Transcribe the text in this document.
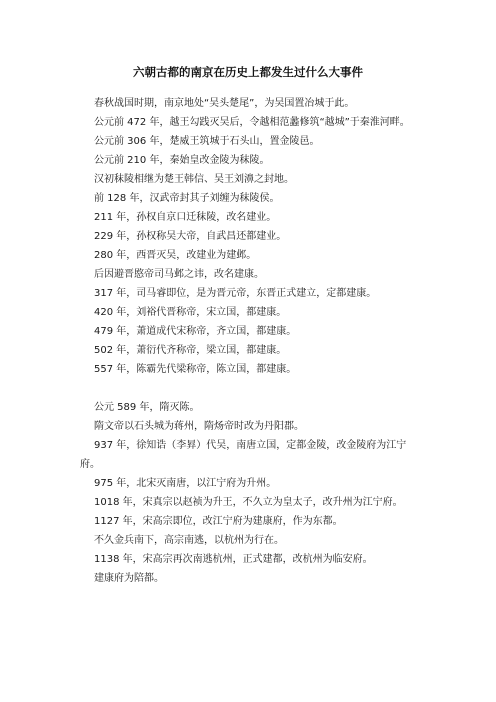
六朝古都的南京在历史上都发生过什么大事件

春秋战国时期，南京地处“吴头楚尾”，为吴国置冶城于此。

公元前 472 年，越王勾践灭吴后，令越相范蠡修筑“越城”于秦淮河畔。

公元前 306 年，楚威王筑城于石头山，置金陵邑。

公元前 210 年，秦始皇改金陵为秣陵。

汉初秣陵相继为楚王韩信、吴王刘濞之封地。

前 128 年，汉武帝封其子刘缠为秣陵侯。

211 年，孙权自京口迁秣陵，改名建业。

229 年，孙权称吴大帝，自武昌还都建业。

280 年，西晋灭吴，改建业为建邺。

后因避晋愍帝司马邺之讳，改名建康。

317 年，司马睿即位，是为晋元帝，东晋正式建立，定都建康。

420 年，刘裕代晋称帝，宋立国，都建康。

479 年，萧道成代宋称帝，齐立国，都建康。

502 年，萧衍代齐称帝，梁立国，都建康。

557 年，陈霸先代梁称帝，陈立国，都建康。

公元 589 年，隋灭陈。

隋文帝以石头城为蒋州，隋炀帝时改为丹阳郡。

937 年，徐知诰（李昪）代吴，南唐立国，定都金陵，改金陵府为江宁府。

975 年，北宋灭南唐，以江宁府为升州。

1018 年，宋真宗以赵祯为升王，不久立为皇太子，改升州为江宁府。

1127 年，宋高宗即位，改江宁府为建康府，作为东都。

不久金兵南下，高宗南逃，以杭州为行在。

1138 年，宋高宗再次南逃杭州，正式建都，改杭州为临安府。

建康府为陪都。
